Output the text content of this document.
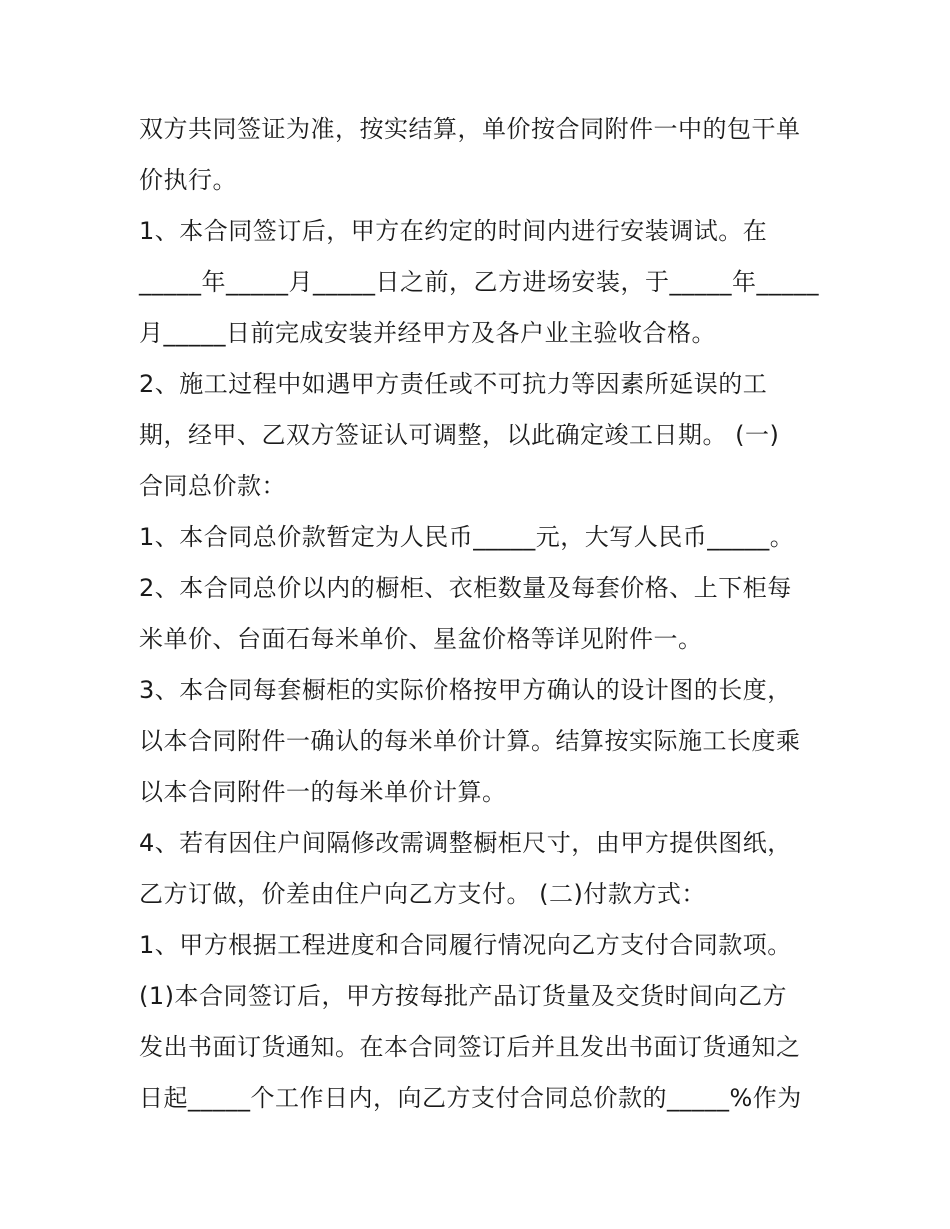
双方共同签证为准，按实结算，单价按合同附件一中的包干单
价执行。
1、本合同签订后，甲方在约定的时间内进行安装调试。在
_____年_____月_____日之前，乙方进场安装，于_____年_____
月_____日前完成安装并经甲方及各户业主验收合格。
2、施工过程中如遇甲方责任或不可抗力等因素所延误的工
期，经甲、乙双方签证认可调整，以此确定竣工日期。 (一)
合同总价款：
1、本合同总价款暂定为人民币_____元，大写人民币_____。
2、本合同总价以内的橱柜、衣柜数量及每套价格、上下柜每
米单价、台面石每米单价、星盆价格等详见附件一。
3、本合同每套橱柜的实际价格按甲方确认的设计图的长度，
以本合同附件一确认的每米单价计算。结算按实际施工长度乘
以本合同附件一的每米单价计算。
4、若有因住户间隔修改需调整橱柜尺寸，由甲方提供图纸，
乙方订做，价差由住户向乙方支付。 (二)付款方式：
1、甲方根据工程进度和合同履行情况向乙方支付合同款项。
(1)本合同签订后，甲方按每批产品订货量及交货时间向乙方
发出书面订货通知。在本合同签订后并且发出书面订货通知之
日起_____个工作日内，向乙方支付合同总价款的_____%作为
